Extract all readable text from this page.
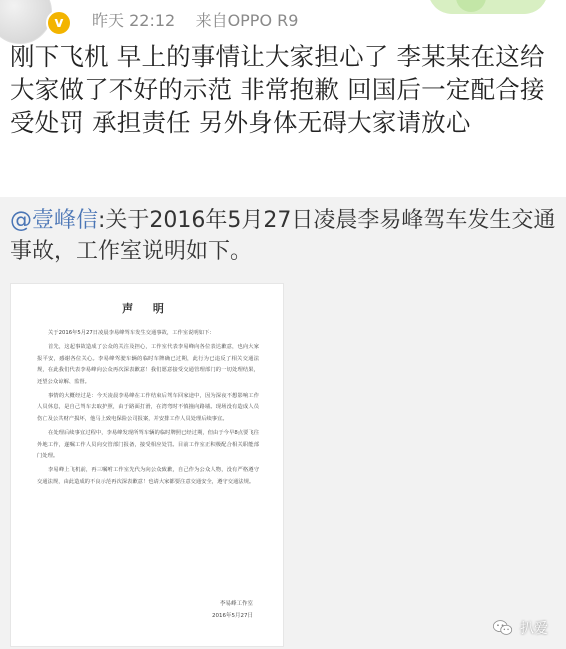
v	昨天 22:12 来自OPPO R9
刚下飞机 早上的事情让大家担心了 李某某在这给大家做了不好的示范 非常抱歉 回国后一定配合接受处罚 承担责任 另外身体无碍大家请放心
@壹峰信:关于2016年5月27日凌晨李易峰驾车发生交通事故，工作室说明如下。
声 明

关于2016年5月27日凌晨李易峰驾车发生交通事故，工作室说明如下：

首先，这起事故造成了公众的关注及担心，工作室代表李易峰向各位表达歉意，也向大家报平安，感谢各位关心。李易峰驾驶车辆的临时车牌确已过期，此行为已违反了相关交通法规，在此我们代表李易峰向公众再次深表歉意！我们愿意接受交通管理部门的一切处理结果，还望公众谅解、监督。

事情的大概经过是：今天凌晨李易峰在工作结束后驾车回家途中，因为深夜不想影响工作人员休息，是自己驾车去取护照，由于路面打滑，在湾弯时不慎撞向路墙。现场没有造成人员伤亡及公共财产损坏，他马上致电保险公司报案，并安排工作人员处理后续事宜。

在处理后续事宜过程中，李易峰发现所驾车辆的临时牌照已经过期，但由于今早8点要飞往外地工作，遂嘱工作人员向交管部门报备，接受相应处罚。目前工作室正积极配合相关职能部门处理。

李易峰上飞机前，再三嘱咐工作室先代为向公众致歉，自己作为公众人物，没有严格遵守交通法规，由此造成的不良示范再次深表歉意！也请大家都要注意交通安全，遵守交通法规。

李易峰工作室
2016年5月27日
扒爱
